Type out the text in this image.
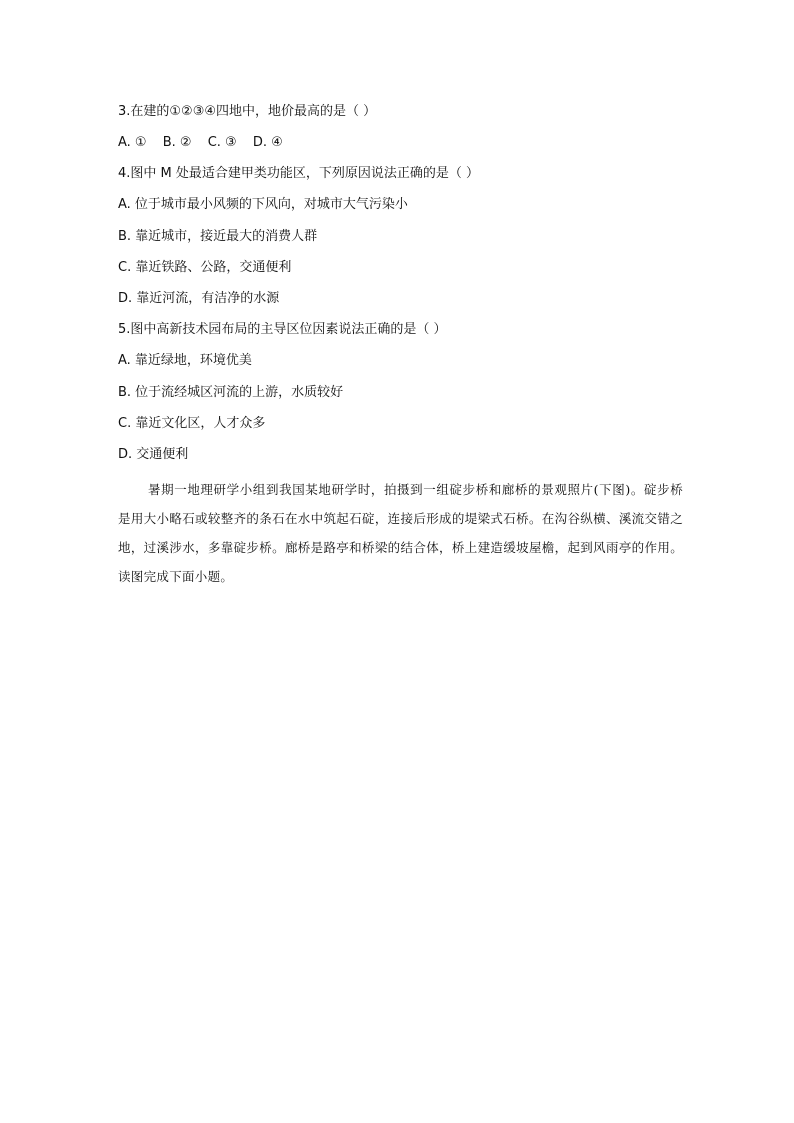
3.在建的①②③④四地中，地价最高的是（ ）
A. ① B. ② C. ③ D. ④
4.图中 M 处最适合建甲类功能区，下列原因说法正确的是（ ）
A. 位于城市最小风频的下风向，对城市大气污染小
B. 靠近城市，接近最大的消费人群
C. 靠近铁路、公路，交通便利
D. 靠近河流，有洁净的水源
5.图中高新技术园布局的主导区位因素说法正确的是（ ）
A. 靠近绿地，环境优美
B. 位于流经城区河流的上游，水质较好
C. 靠近文化区，人才众多
D. 交通便利
暑期一地理研学小组到我国某地研学时，拍摄到一组碇步桥和廊桥的景观照片(下图)。碇步桥是用大小略石或较整齐的条石在水中筑起石碇，连接后形成的堤梁式石桥。在沟谷纵横、溪流交错之地，过溪涉水，多靠碇步桥。廊桥是路亭和桥梁的结合体，桥上建造缓坡屋檐，起到风雨亭的作用。读图完成下面小题。
